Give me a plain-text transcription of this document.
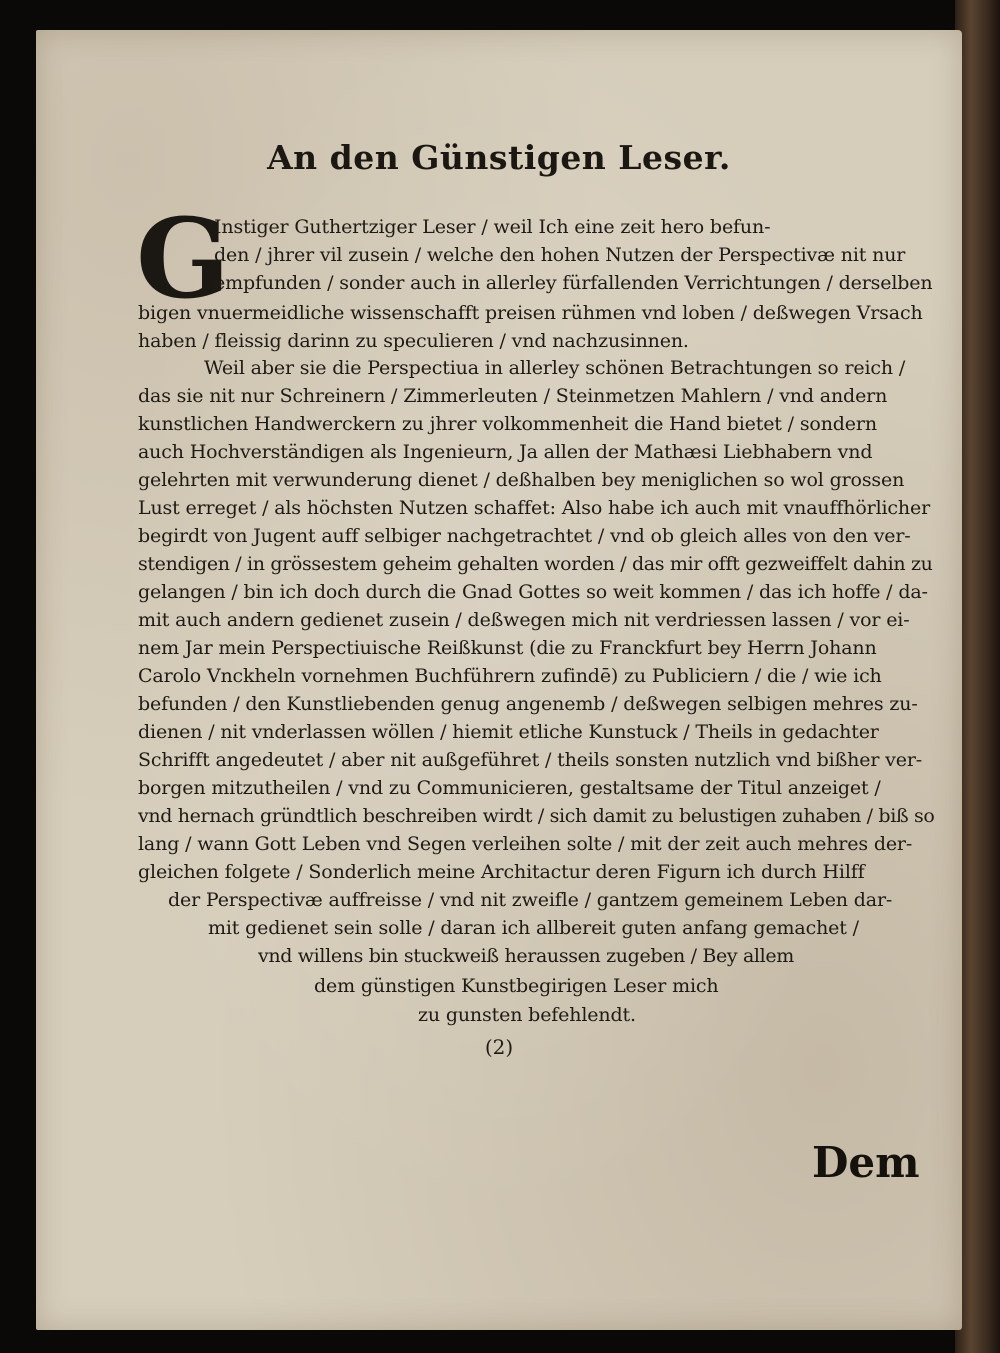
An den Günstigen Leser.
G
Instiger Guthertziger Leser / weil Ich eine zeit hero befun-
den / jhrer vil zusein / welche den hohen Nutzen der Perspectivæ nit nur
empfunden / sonder auch in allerley fürfallenden Verrichtungen / derselben
bigen vnuermeidliche wissenschafft preisen rühmen vnd loben / deßwegen Vrsach
haben / fleissig darinn zu speculieren / vnd nachzusinnen.
Weil aber sie die Perspectiua in allerley schönen Betrachtungen so reich /
das sie nit nur Schreinern / Zimmerleuten / Steinmetzen Mahlern / vnd andern
kunstlichen Handwerckern zu jhrer volkommenheit die Hand bietet / sondern
auch Hochverständigen als Ingenieurn, Ja allen der Mathæsi Liebhabern vnd
gelehrten mit verwunderung dienet / deßhalben bey meniglichen so wol grossen
Lust erreget / als höchsten Nutzen schaffet: Also habe ich auch mit vnauffhörlicher
begirdt von Jugent auff selbiger nachgetrachtet / vnd ob gleich alles von den ver-
stendigen / in grössestem geheim gehalten worden / das mir offt gezweiffelt dahin zu
gelangen / bin ich doch durch die Gnad Gottes so weit kommen / das ich hoffe / da-
mit auch andern gedienet zusein / deßwegen mich nit verdriessen lassen / vor ei-
nem Jar mein Perspectiuische Reißkunst (die zu Franckfurt bey Herrn Johann
Carolo Vnckheln vornehmen Buchführern zufindē) zu Publiciern / die / wie ich
befunden / den Kunstliebenden genug angenemb / deßwegen selbigen mehres zu-
dienen / nit vnderlassen wöllen / hiemit etliche Kunstuck / Theils in gedachter
Schrifft angedeutet / aber nit außgeführet / theils sonsten nutzlich vnd bißher ver-
borgen mitzutheilen / vnd zu Communicieren, gestaltsame der Titul anzeiget /
vnd hernach gründtlich beschreiben wirdt / sich damit zu belustigen zuhaben / biß so
lang / wann Gott Leben vnd Segen verleihen solte / mit der zeit auch mehres der-
gleichen folgete / Sonderlich meine Architactur deren Figurn ich durch Hilff
der Perspectivæ auffreisse / vnd nit zweifle / gantzem gemeinem Leben dar-
mit gedienet sein solle / daran ich allbereit guten anfang gemachet /
vnd willens bin stuckweiß heraussen zugeben / Bey allem
dem günstigen Kunstbegirigen Leser mich
zu gunsten befehlendt.
(2)
Dem
